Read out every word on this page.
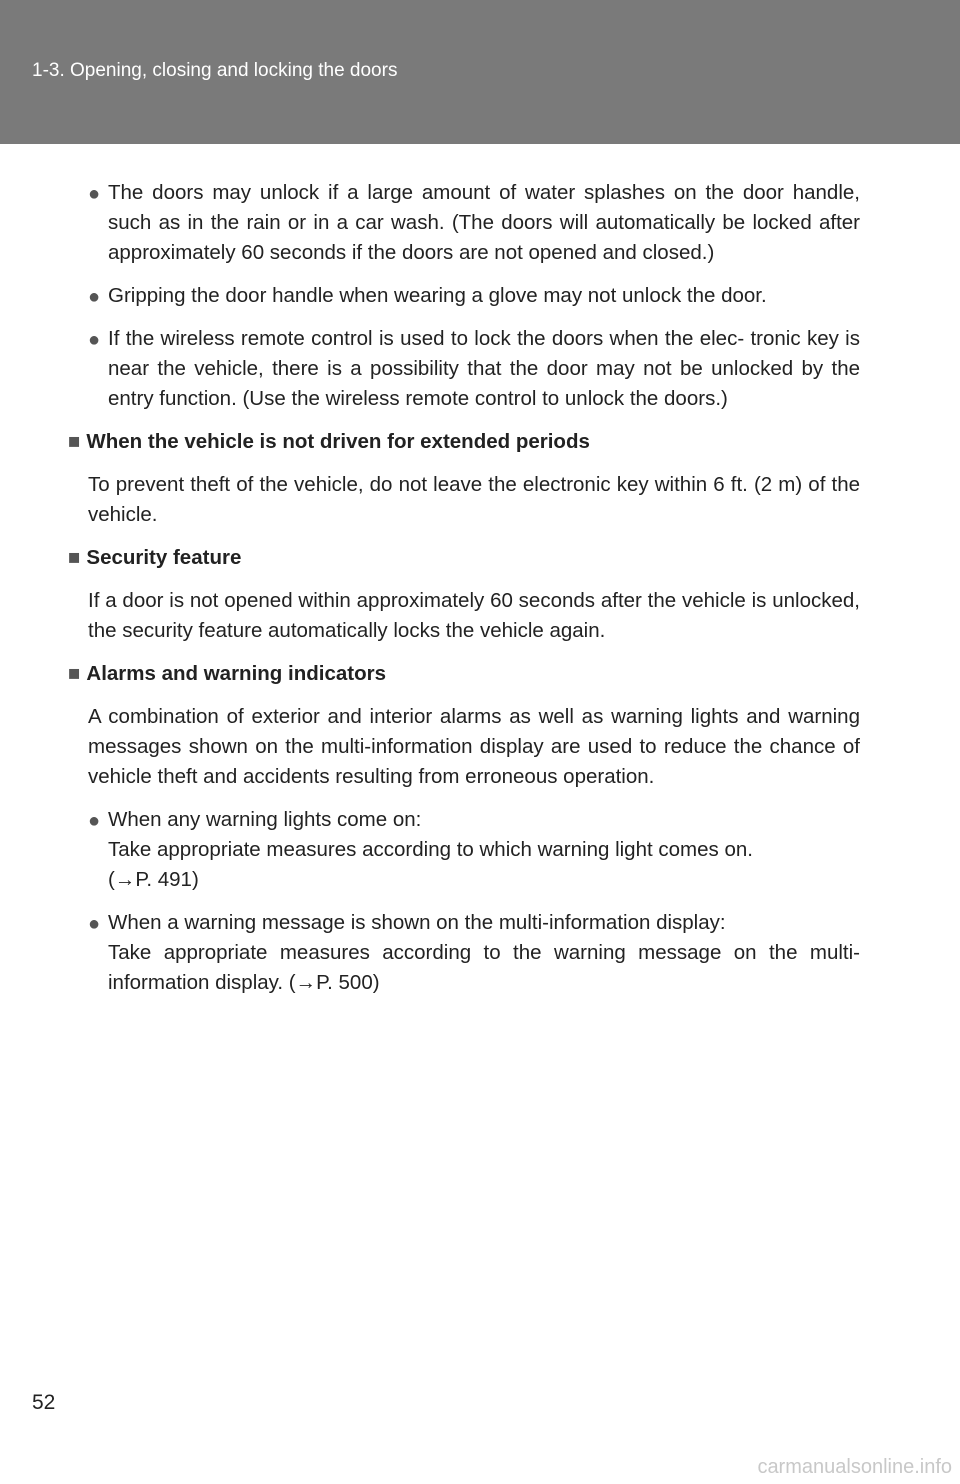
1-3. Opening, closing and locking the doors
● The doors may unlock if a large amount of water splashes on the door handle, such as in the rain or in a car wash. (The doors will automatically be locked after approximately 60 seconds if the doors are not opened and closed.)
● Gripping the door handle when wearing a glove may not unlock the door.
● If the wireless remote control is used to lock the doors when the elec- tronic key is near the vehicle, there is a possibility that the door may not be unlocked by the entry function. (Use the wireless remote control to unlock the doors.)
■ When the vehicle is not driven for extended periods
To prevent theft of the vehicle, do not leave the electronic key within 6 ft. (2 m) of the vehicle.
■ Security feature
If a door is not opened within approximately 60 seconds after the vehicle is unlocked, the security feature automatically locks the vehicle again.
■ Alarms and warning indicators
A combination of exterior and interior alarms as well as warning lights and warning messages shown on the multi-information display are used to reduce the chance of vehicle theft and accidents resulting from erroneous operation.
● When any warning lights come on:
Take appropriate measures according to which warning light comes on.
(→P. 491)
● When a warning message is shown on the multi-information display:
Take appropriate measures according to the warning message on the multi-information display. (→P. 500)
52
carmanualsonline.info
